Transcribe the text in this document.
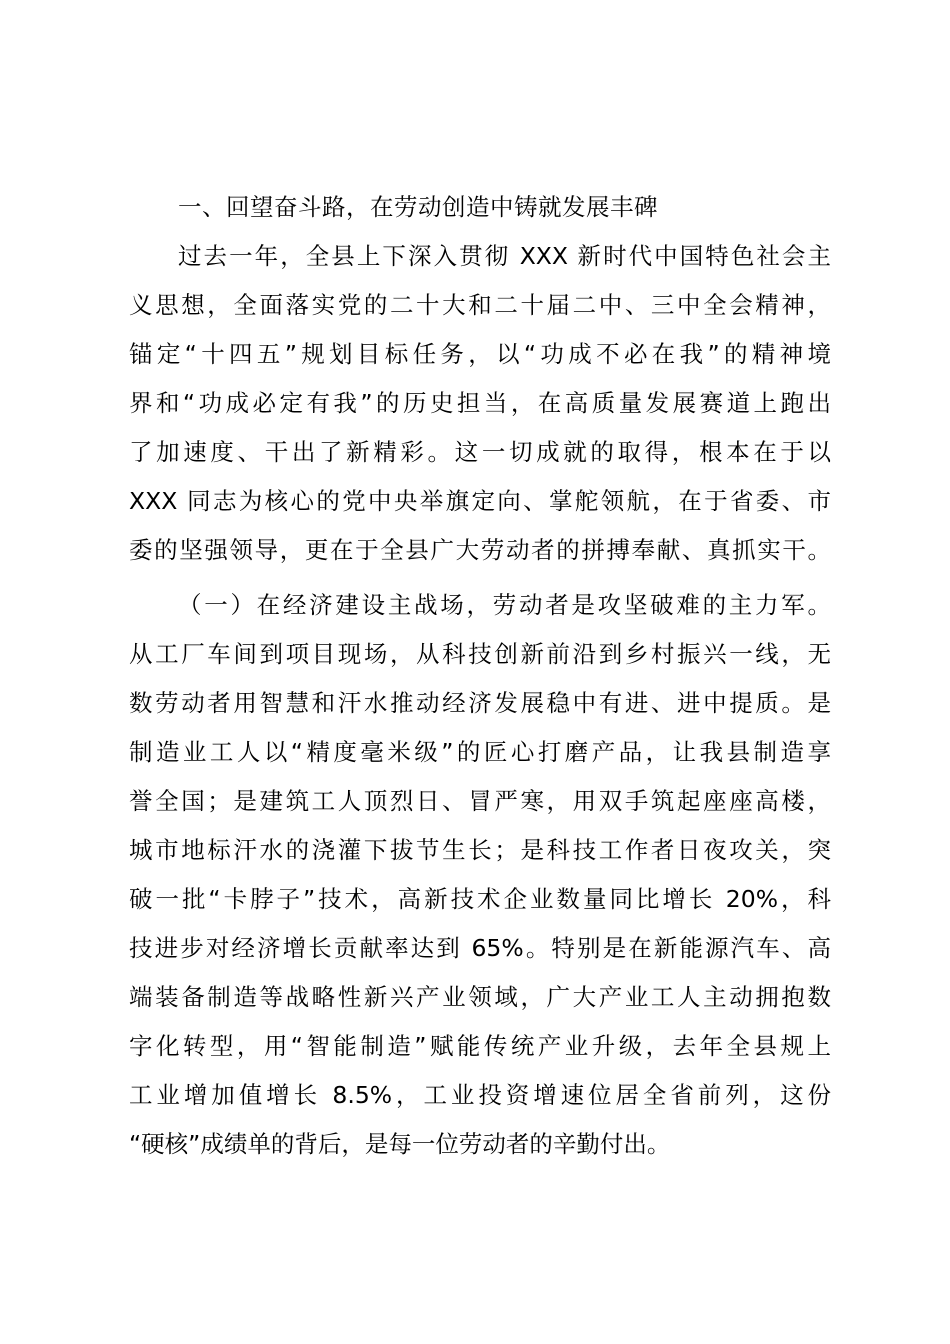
一、回望奋斗路，在劳动创造中铸就发展丰碑
过去一年，全县上下深入贯彻 XXX 新时代中国特色社会主
义思想，全面落实党的二十大和二十届二中、三中全会精神，
锚定“十四五”规划目标任务，以“功成不必在我”的精神境
界和“功成必定有我”的历史担当，在高质量发展赛道上跑出
了加速度、干出了新精彩。这一切成就的取得，根本在于以
XXX 同志为核心的党中央举旗定向、掌舵领航，在于省委、市
委的坚强领导，更在于全县广大劳动者的拼搏奉献、真抓实干。
（一）在经济建设主战场，劳动者是攻坚破难的主力军。
从工厂车间到项目现场，从科技创新前沿到乡村振兴一线，无
数劳动者用智慧和汗水推动经济发展稳中有进、进中提质。是
制造业工人以“精度毫米级”的匠心打磨产品，让我县制造享
誉全国；是建筑工人顶烈日、冒严寒，用双手筑起座座高楼，
城市地标汗水的浇灌下拔节生长；是科技工作者日夜攻关，突
破一批“卡脖子”技术，高新技术企业数量同比增长 20%，科
技进步对经济增长贡献率达到 65%。特别是在新能源汽车、高
端装备制造等战略性新兴产业领域，广大产业工人主动拥抱数
字化转型，用“智能制造”赋能传统产业升级，去年全县规上
工业增加值增长 8.5%，工业投资增速位居全省前列，这份
“硬核”成绩单的背后，是每一位劳动者的辛勤付出。
